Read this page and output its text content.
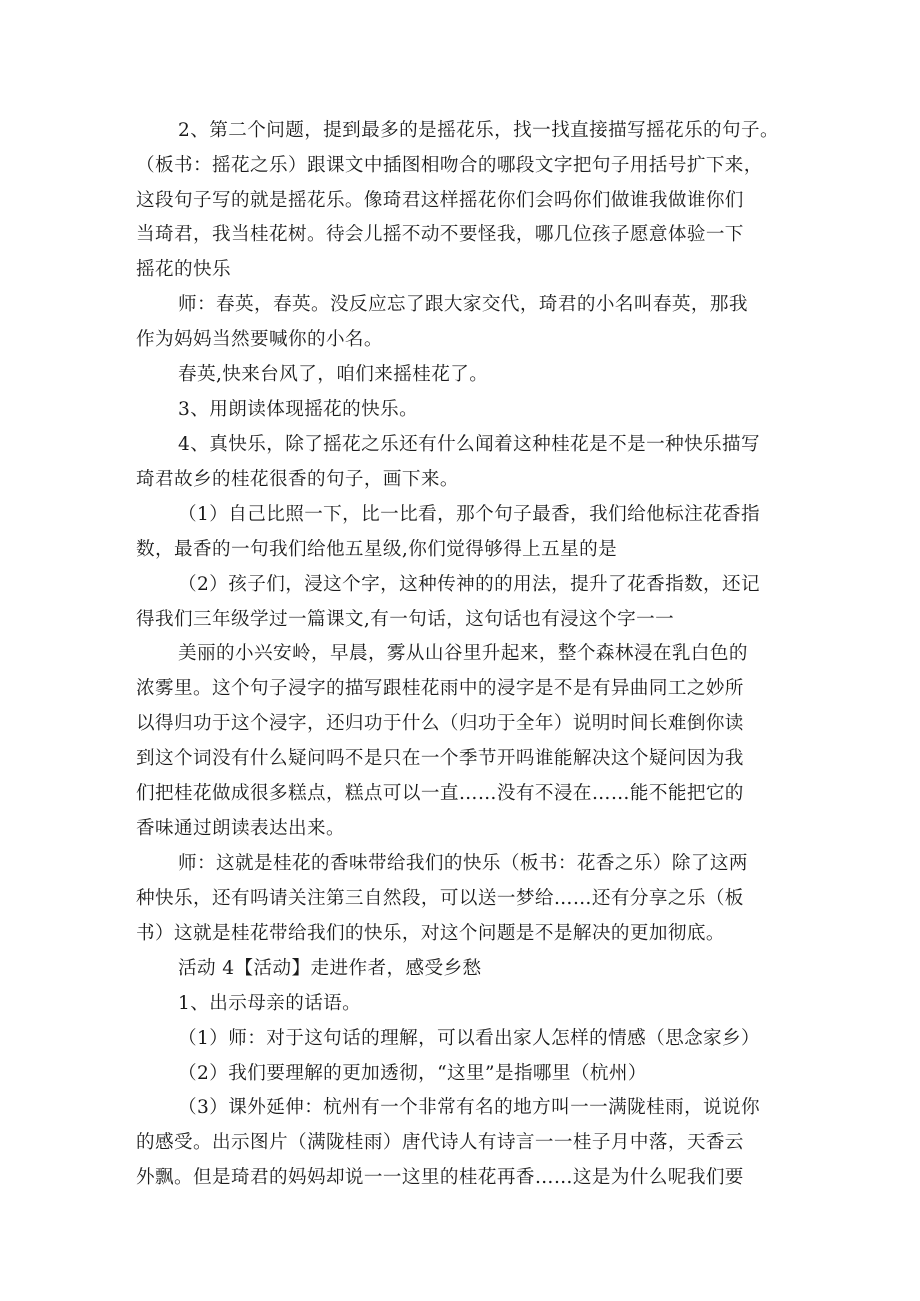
2、第二个问题，提到最多的是摇花乐，找一找直接描写摇花乐的句子。

（板书：摇花之乐）跟课文中插图相吻合的哪段文字把句子用括号扩下来，

这段句子写的就是摇花乐。像琦君这样摇花你们会吗你们做谁我做谁你们

当琦君，我当桂花树。待会儿摇不动不要怪我，哪几位孩子愿意体验一下

摇花的快乐

师：春英，春英。没反应忘了跟大家交代，琦君的小名叫春英，那我

作为妈妈当然要喊你的小名。

春英,快来台风了，咱们来摇桂花了。

3、用朗读体现摇花的快乐。

4、真快乐，除了摇花之乐还有什么闻着这种桂花是不是一种快乐描写

琦君故乡的桂花很香的句子，画下来。

（1）自己比照一下，比一比看，那个句子最香，我们给他标注花香指

数，最香的一句我们给他五星级,你们觉得够得上五星的是

（2）孩子们，浸这个字，这种传神的的用法，提升了花香指数，还记

得我们三年级学过一篇课文,有一句话，这句话也有浸这个字一一

美丽的小兴安岭，早晨，雾从山谷里升起来，整个森林浸在乳白色的

浓雾里。这个句子浸字的描写跟桂花雨中的浸字是不是有异曲同工之妙所

以得归功于这个浸字，还归功于什么（归功于全年）说明时间长难倒你读

到这个词没有什么疑问吗不是只在一个季节开吗谁能解决这个疑问因为我

们把桂花做成很多糕点，糕点可以一直……没有不浸在……能不能把它的

香味通过朗读表达出来。

师：这就是桂花的香味带给我们的快乐（板书：花香之乐）除了这两

种快乐，还有吗请关注第三自然段，可以送一梦给……还有分享之乐（板

书）这就是桂花带给我们的快乐，对这个问题是不是解决的更加彻底。

活动 4【活动】走进作者，感受乡愁

1、出示母亲的话语。

（1）师：对于这句话的理解，可以看出家人怎样的情感（思念家乡）

（2）我们要理解的更加透彻，“这里”是指哪里（杭州）

（3）课外延伸：杭州有一个非常有名的地方叫一一满陇桂雨，说说你

的感受。出示图片（满陇桂雨）唐代诗人有诗言一一桂子月中落，天香云

外飘。但是琦君的妈妈却说一一这里的桂花再香……这是为什么呢我们要
